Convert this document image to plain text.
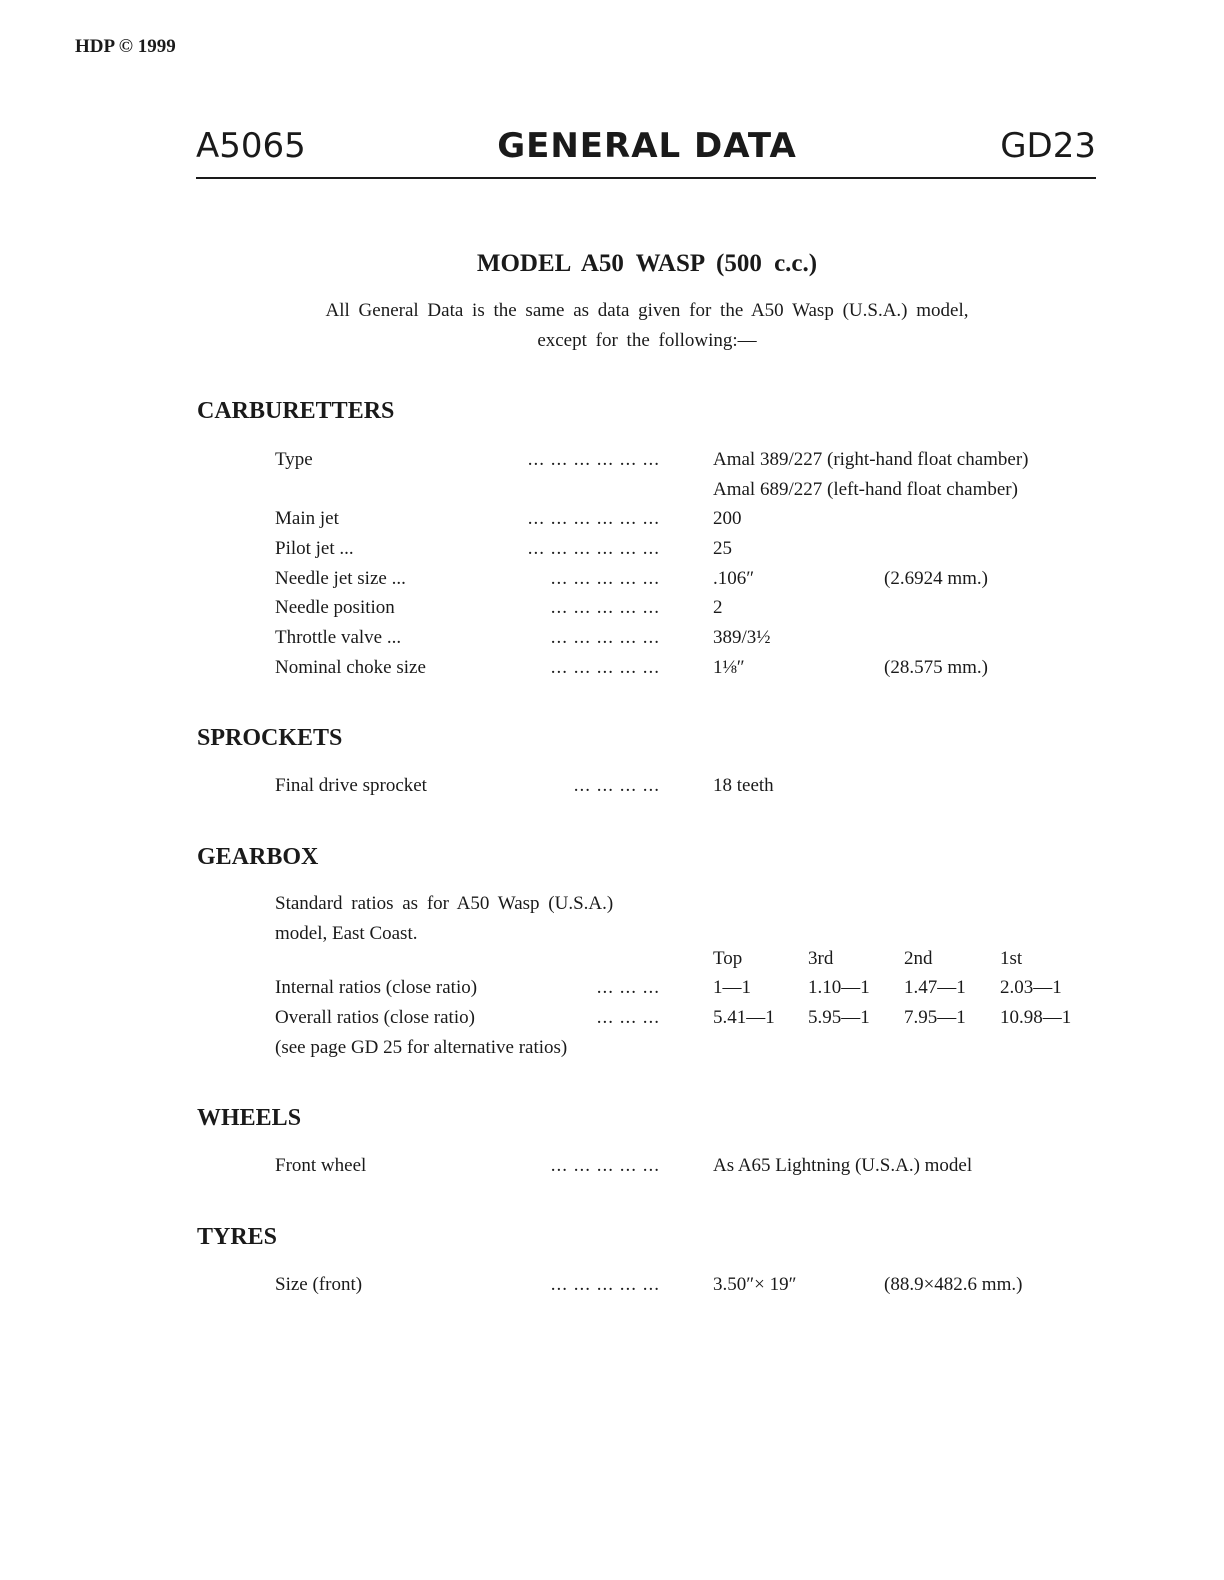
HDP © 1999
A5065	GENERAL DATA	GD23
MODEL A50 WASP (500 c.c.)
All General Data is the same as data given for the A50 Wasp (U.S.A.) model,
except for the following:—
CARBURETTERS
Type	... ... ... ... ... ...	Amal 389/227 (right-hand float chamber)
Amal 689/227 (left-hand float chamber)
Main jet	... ... ... ... ... ...	200
Pilot jet ...	... ... ... ... ... ...	25
Needle jet size ...	... ... ... ... ...	.106″	(2.6924 mm.)
Needle position	... ... ... ... ...	2
Throttle valve ...	... ... ... ... ...	389/3½
Nominal choke size	... ... ... ... ...	1⅛″	(28.575 mm.)
SPROCKETS
Final drive sprocket	... ... ... ...	18 teeth
GEARBOX
Standard ratios as for A50 Wasp (U.S.A.)
model, East Coast.
Top	3rd	2nd	1st
Internal ratios (close ratio)	... ... ...	1—1	1.10—1 1.47—1 2.03—1
Overall ratios (close ratio)	... ... ...	5.41—1 5.95—1 7.95—1 10.98—1
(see page GD 25 for alternative ratios)
WHEELS
Front wheel	... ... ... ... ...	As A65 Lightning (U.S.A.) model
TYRES
Size (front)	... ... ... ... ...	3.50″× 19″	(88.9×482.6 mm.)
